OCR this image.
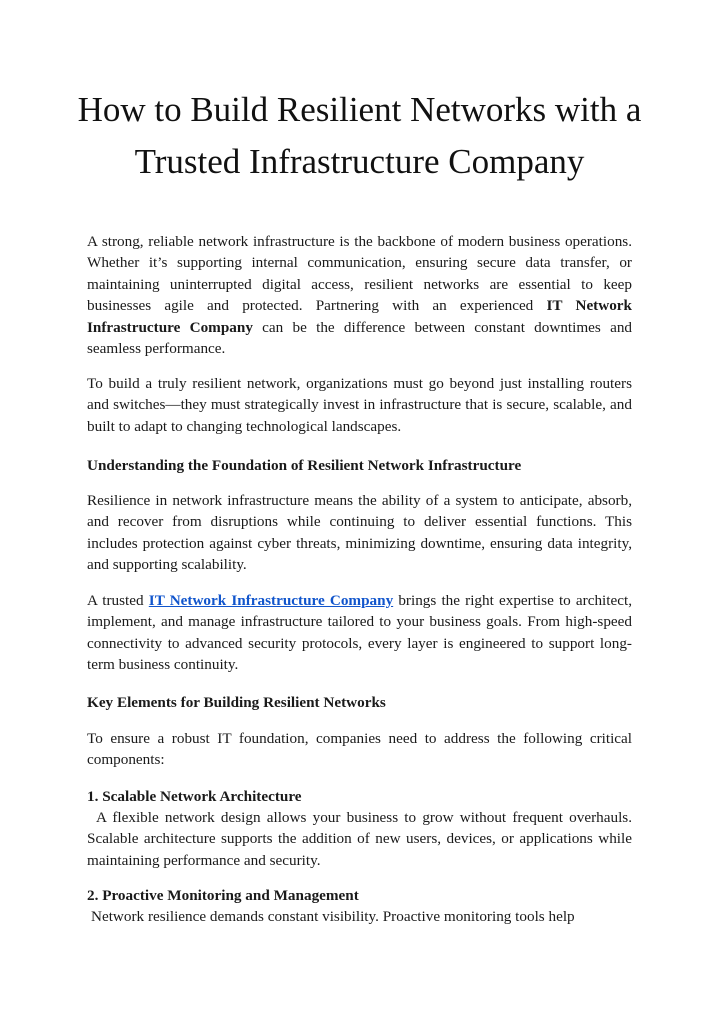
How to Build Resilient Networks with a Trusted Infrastructure Company

A strong, reliable network infrastructure is the backbone of modern business operations. Whether it’s supporting internal communication, ensuring secure data transfer, or maintaining uninterrupted digital access, resilient networks are essential to keep businesses agile and protected. Partnering with an experienced IT Network Infrastructure Company can be the difference between constant downtimes and seamless performance.

To build a truly resilient network, organizations must go beyond just installing routers and switches—they must strategically invest in infrastructure that is secure, scalable, and built to adapt to changing technological landscapes.

Understanding the Foundation of Resilient Network Infrastructure

Resilience in network infrastructure means the ability of a system to anticipate, absorb, and recover from disruptions while continuing to deliver essential functions. This includes protection against cyber threats, minimizing downtime, ensuring data integrity, and supporting scalability.

A trusted IT Network Infrastructure Company brings the right expertise to architect, implement, and manage infrastructure tailored to your business goals. From high-speed connectivity to advanced security protocols, every layer is engineered to support long-term business continuity.

Key Elements for Building Resilient Networks

To ensure a robust IT foundation, companies need to address the following critical components:

1. Scalable Network Architecture

A flexible network design allows your business to grow without frequent overhauls. Scalable architecture supports the addition of new users, devices, or applications while maintaining performance and security.

2. Proactive Monitoring and Management

Network resilience demands constant visibility. Proactive monitoring tools help
